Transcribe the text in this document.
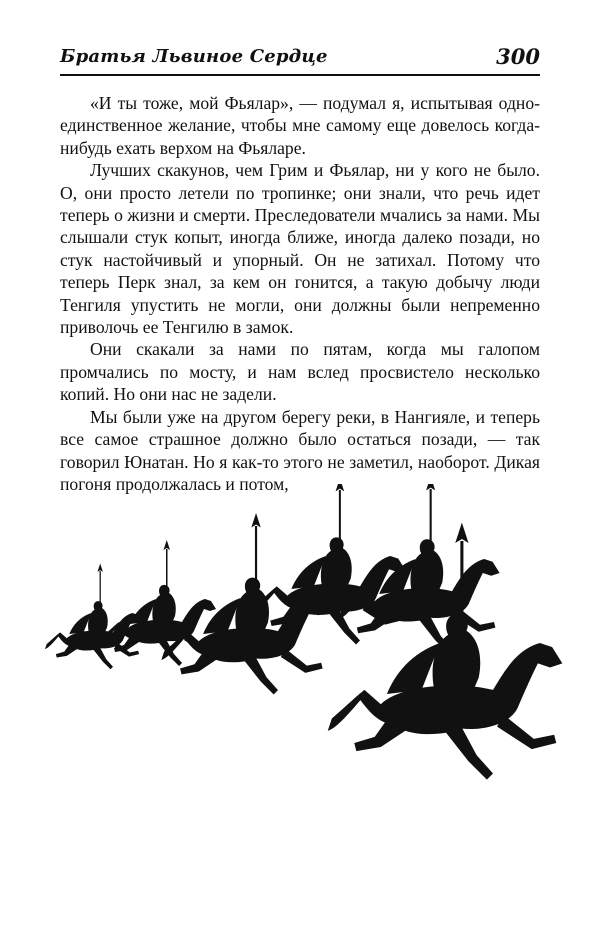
Братья Львиное Сердце	300

«И ты тоже, мой Фьялар», — подумал я, испытывая одно-единственное желание, чтобы мне самому еще довелось когда-нибудь ехать верхом на Фьяларе.

Лучших скакунов, чем Грим и Фьялар, ни у кого не было. О, они просто летели по тропинке; они знали, что речь идет теперь о жизни и смерти. Преследователи мчались за нами. Мы слышали стук копыт, иногда ближе, иногда далеко позади, но стук настойчивый и упорный. Он не затихал. Потому что теперь Перк знал, за кем он гонится, а такую добычу люди Тенгиля упустить не могли, они должны были непременно приволочь ее Тенгилю в замок.

Они скакали за нами по пятам, когда мы галопом промчались по мосту, и нам вслед просвистело несколько копий. Но они нас не задели.

Мы были уже на другом берегу реки, в Нангияле, и теперь все самое страшное должно было остаться позади, — так говорил Юнатан. Но я как-то этого не заметил, наоборот. Дикая погоня продолжалась и потом,
